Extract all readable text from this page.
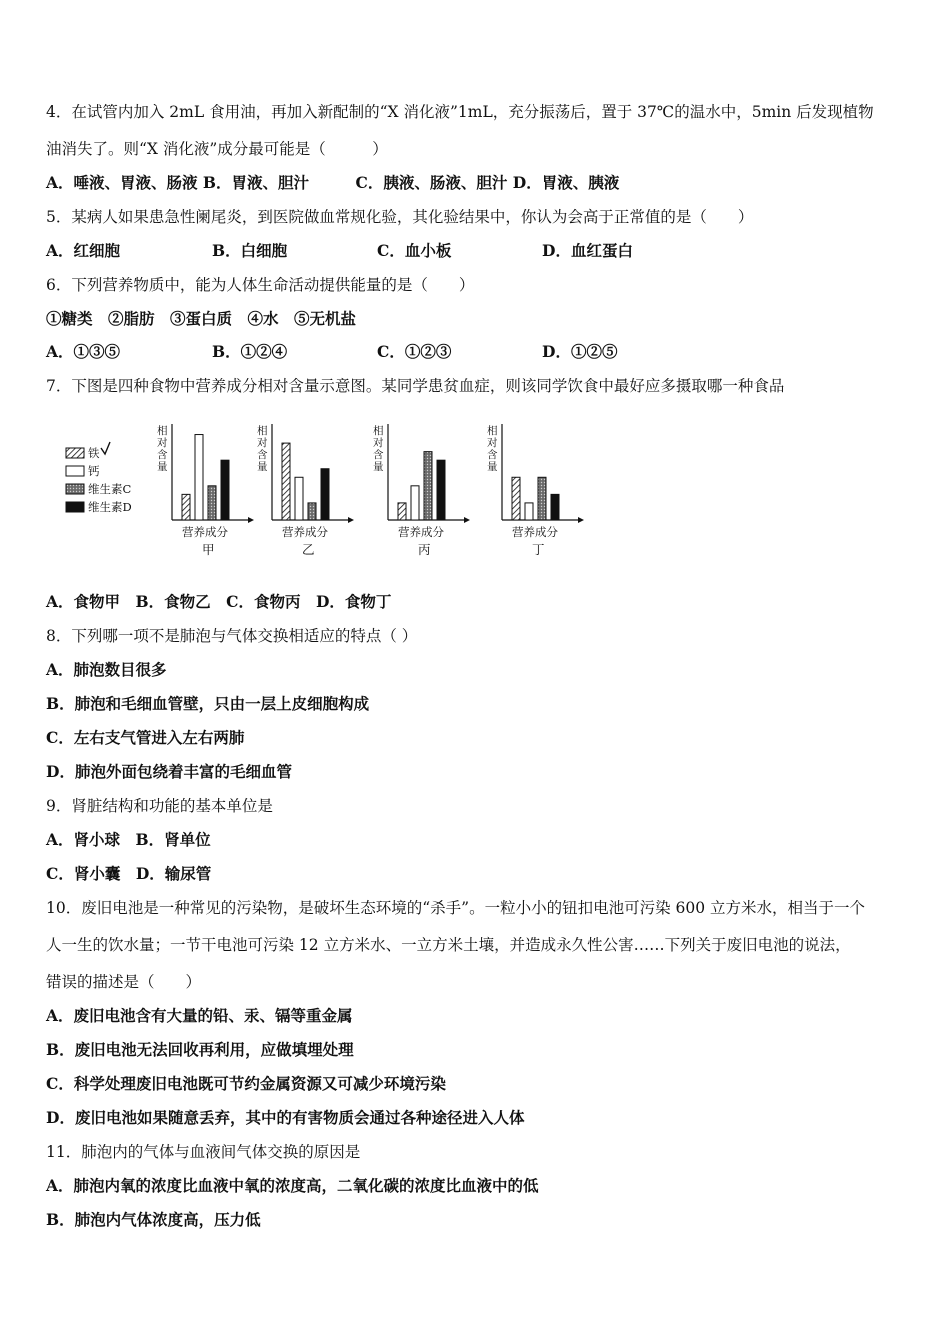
4．在试管内加入 2mL 食用油，再加入新配制的“X 消化液”1mL，充分振荡后，置于 37℃的温水中，5min 后发现植物
油消失了。则“X 消化液”成分最可能是（　　　）
A．唾液、胃液、肠液 B．胃液、胆汁　　　C．胰液、肠液、胆汁 D．胃液、胰液
5．某病人如果患急性阑尾炎，到医院做血常规化验，其化验结果中，你认为会高于正常值的是（　　）
A．红细胞	B．白细胞	C．血小板	D．血红蛋白
6．下列营养物质中，能为人体生命活动提供能量的是（　　）
①糖类　②脂肪　③蛋白质　④水　⑤无机盐
A．①③⑤	B．①②④	C．①②③	D．①②⑤
7．下图是四种食物中营养成分相对含量示意图。某同学患贫血症，则该同学饮食中最好应多摄取哪一种食品
铁
钙
维生素C
维生素D
相
对
含
量
营养成分
甲
相
对
含
量
营养成分
乙
相
对
含
量
营养成分
丙
相
对
含
量
营养成分
丁
A．食物甲　B．食物乙　C．食物丙　D．食物丁
8．下列哪一项不是肺泡与气体交换相适应的特点（ ）
A．肺泡数目很多
B．肺泡和毛细血管壁，只由一层上皮细胞构成
C．左右支气管进入左右两肺
D．肺泡外面包绕着丰富的毛细血管
9．肾脏结构和功能的基本单位是
A．肾小球　B．肾单位
C．肾小囊　D．输尿管
10．废旧电池是一种常见的污染物，是破坏生态环境的“杀手”。一粒小小的钮扣电池可污染 600 立方米水，相当于一个
人一生的饮水量；一节干电池可污染 12 立方米水、一立方米土壤，并造成永久性公害……下列关于废旧电池的说法，
错误的描述是（　　）
A．废旧电池含有大量的铅、汞、镉等重金属
B．废旧电池无法回收再利用，应做填埋处理
C．科学处理废旧电池既可节约金属资源又可减少环境污染
D．废旧电池如果随意丢弃，其中的有害物质会通过各种途径进入人体
11．肺泡内的气体与血液间气体交换的原因是
A．肺泡内氧的浓度比血液中氧的浓度高，二氧化碳的浓度比血液中的低
B．肺泡内气体浓度高，压力低
